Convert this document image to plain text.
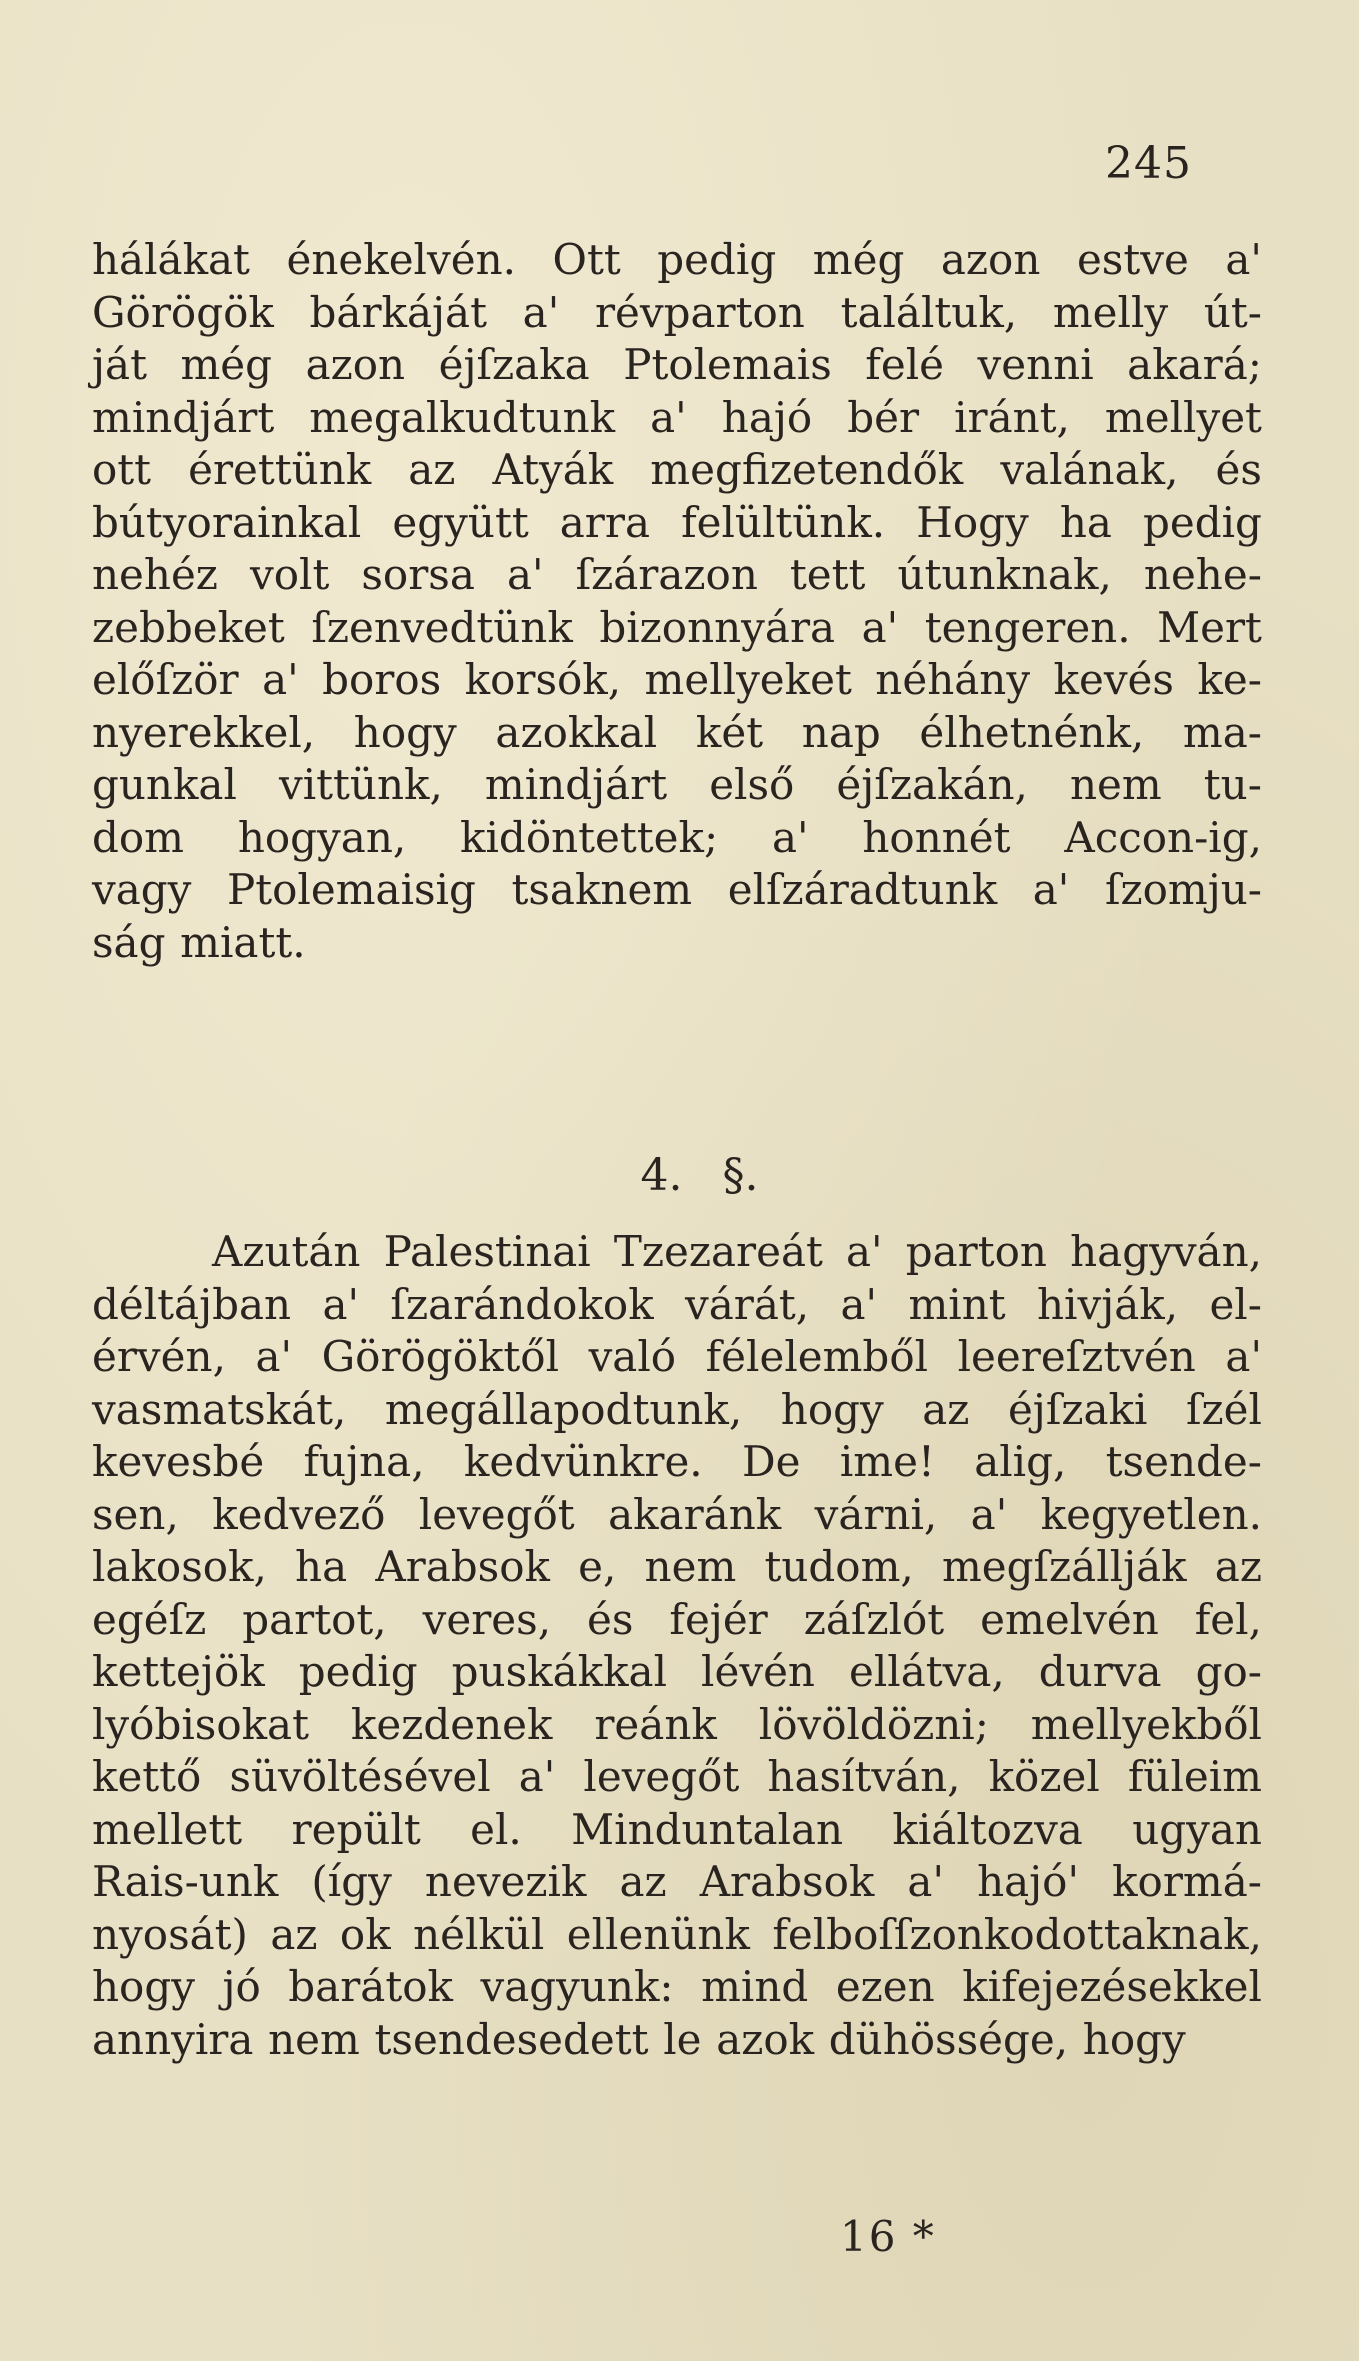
245
hálákat énekelvén. Ott pedig még azon estve a'
Görögök bárkáját a' révparton találtuk, melly út-
ját még azon éjſzaka Ptolemais felé venni akará;
mindjárt megalkudtunk a' hajó bér iránt, mellyet
ott érettünk az Atyák megfizetendők valának, és
bútyorainkal együtt arra felültünk. Hogy ha pedig
nehéz volt sorsa a' ſzárazon tett útunknak, nehe-
zebbeket ſzenvedtünk bizonnyára a' tengeren. Mert
előſzör a' boros korsók, mellyeket néhány kevés ke-
nyerekkel, hogy azokkal két nap élhetnénk, ma-
gunkal vittünk, mindjárt első éjſzakán, nem tu-
dom hogyan, kidöntettek; a' honnét Accon-ig,
vagy Ptolemaisig tsaknem elſzáradtunk a' ſzomju-
ság miatt.
4. §.
Azután Palestinai Tzezareát a' parton hagyván,
déltájban a' ſzarándokok várát, a' mint hivják, el-
érvén, a' Görögöktől való félelemből leereſztvén a'
vasmatskát, megállapodtunk, hogy az éjſzaki ſzél
kevesbé fujna, kedvünkre. De ime! alig, tsende-
sen, kedvező levegőt akaránk várni, a' kegyetlen.
lakosok, ha Arabsok e, nem tudom, megſzállják az
egéſz partot, veres, és fejér záſzlót emelvén fel,
kettejök pedig puskákkal lévén ellátva, durva go-
lyóbisokat kezdenek reánk lövöldözni; mellyekből
kettő süvöltésével a' levegőt hasítván, közel füleim
mellett repült el. Minduntalan kiáltozva ugyan
Rais-unk (így nevezik az Arabsok a' hajó' kormá-
nyosát) az ok nélkül ellenünk felboſſzonkodottaknak,
hogy jó barátok vagyunk: mind ezen kifejezésekkel
annyira nem tsendesedett le azok dühössége, hogy
16 *
